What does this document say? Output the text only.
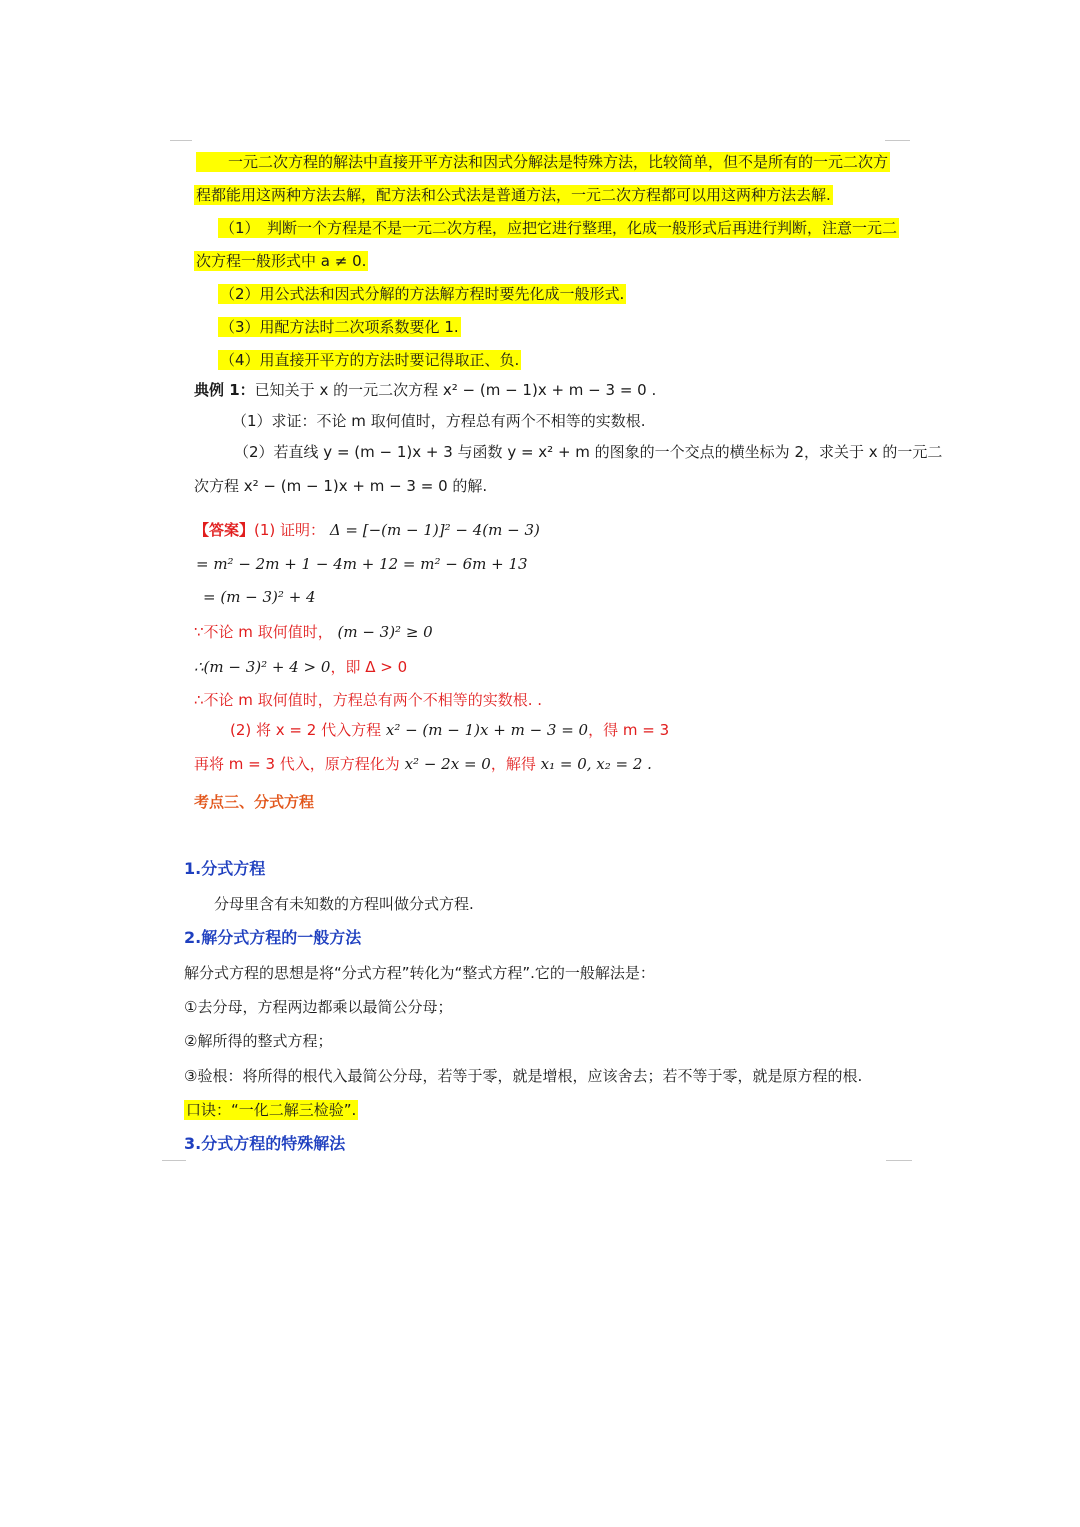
一元二次方程的解法中直接开平方法和因式分解法是特殊方法，比较简单，但不是所有的一元二次方
程都能用这两种方法去解，配方法和公式法是普通方法，一元二次方程都可以用这两种方法去解.
（1）　判断一个方程是不是一元二次方程，应把它进行整理，化成一般形式后再进行判断，注意一元二
次方程一般形式中 a ≠ 0.
（2）用公式法和因式分解的方法解方程时要先化成一般形式.
（3）用配方法时二次项系数要化 1.
（4）用直接开平方的方法时要记得取正、负.
典例 1：已知关于 x 的一元二次方程 x² − (m − 1)x + m − 3 = 0 .
（1）求证：不论 m 取何值时，方程总有两个不相等的实数根.
（2）若直线 y = (m − 1)x + 3 与函数 y = x² + m 的图象的一个交点的横坐标为 2，求关于 x 的一元二
次方程 x² − (m − 1)x + m − 3 = 0 的解.
【答案】(1) 证明： Δ = [−(m − 1)]² − 4(m − 3)
= m² − 2m + 1 − 4m + 12 = m² − 6m + 13
= (m − 3)² + 4
∵不论 m 取何值时， (m − 3)² ≥ 0
∴(m − 3)² + 4 > 0，即 Δ > 0
∴不论 m 取何值时，方程总有两个不相等的实数根. .
(2) 将 x = 2 代入方程 x² − (m − 1)x + m − 3 = 0，得 m = 3
再将 m = 3 代入，原方程化为 x² − 2x = 0，解得 x₁ = 0, x₂ = 2 .
考点三、分式方程
1.分式方程
分母里含有未知数的方程叫做分式方程.
2.解分式方程的一般方法
解分式方程的思想是将“分式方程”转化为“整式方程”.它的一般解法是：
①去分母，方程两边都乘以最简公分母；
②解所得的整式方程；
③验根：将所得的根代入最简公分母，若等于零，就是增根，应该舍去；若不等于零，就是原方程的根.
口诀：“一化二解三检验”.
3.分式方程的特殊解法
